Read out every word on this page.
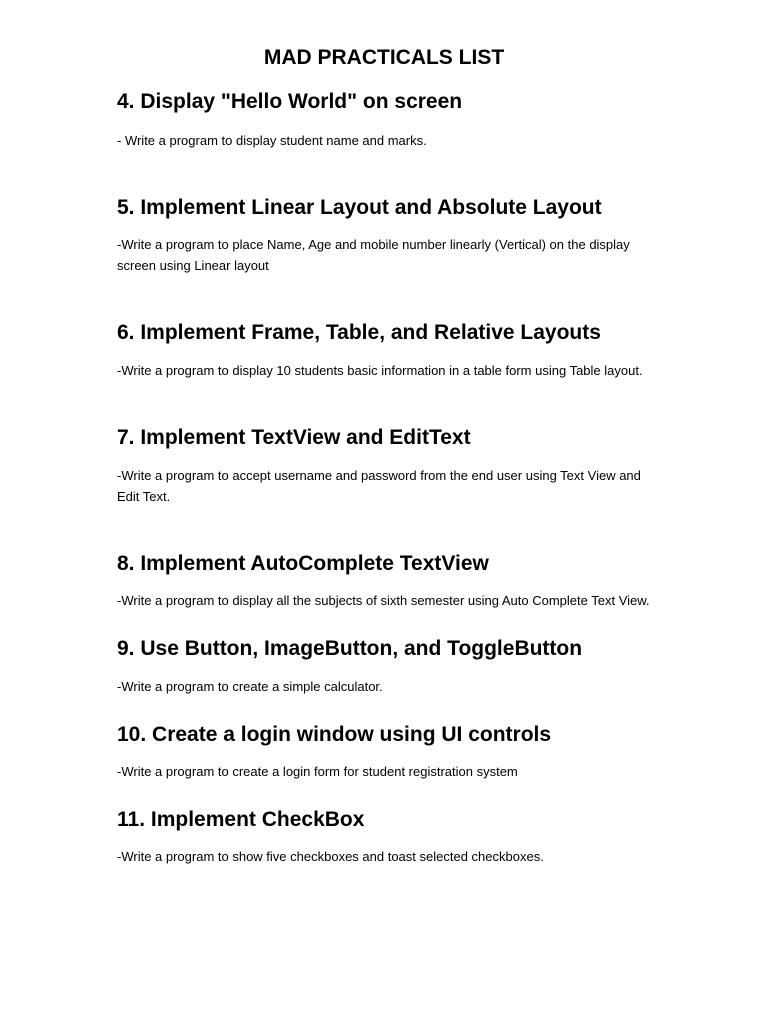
MAD PRACTICALS LIST
4. Display "Hello World" on screen

- Write a program to display student name and marks.

5. Implement Linear Layout and Absolute Layout

-Write a program to place Name, Age and mobile number linearly (Vertical) on the display screen using Linear layout

6. Implement Frame, Table, and Relative Layouts

-Write a program to display 10 students basic information in a table form using Table layout.

7. Implement TextView and EditText

-Write a program to accept username and password from the end user using Text View and Edit Text.

8. Implement AutoComplete TextView

-Write a program to display all the subjects of sixth semester using Auto Complete Text View.

9. Use Button, ImageButton, and ToggleButton

-Write a program to create a simple calculator.

10. Create a login window using UI controls

-Write a program to create a login form for student registration system

11. Implement CheckBox

-Write a program to show five checkboxes and toast selected checkboxes.
